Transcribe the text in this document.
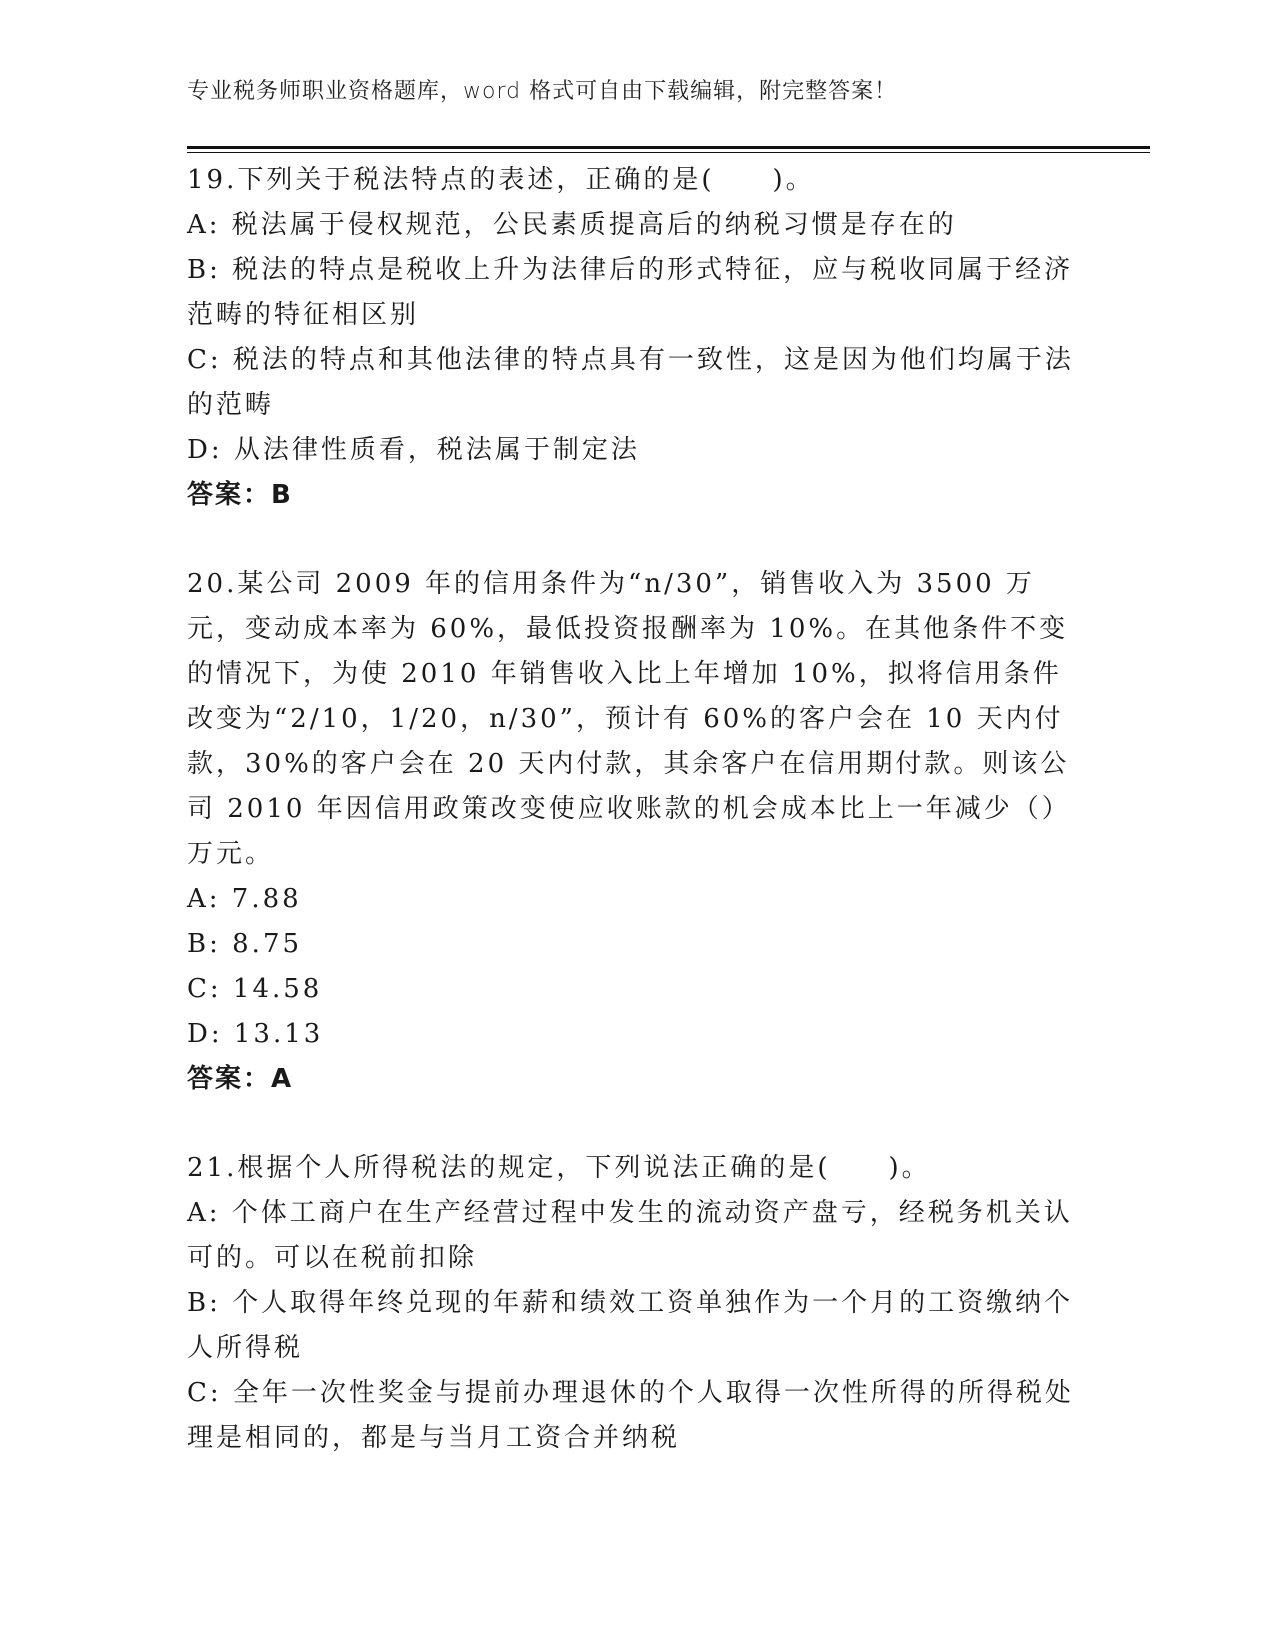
专业税务师职业资格题库，word 格式可自由下载编辑，附完整答案！
19.下列关于税法特点的表述，正确的是(　　)。
A: 税法属于侵权规范，公民素质提高后的纳税习惯是存在的
B: 税法的特点是税收上升为法律后的形式特征，应与税收同属于经济范畴的特征相区别
C: 税法的特点和其他法律的特点具有一致性，这是因为他们均属于法的范畴
D: 从法律性质看，税法属于制定法
答案：B
20.某公司 2009 年的信用条件为“n/30”，销售收入为 3500 万元，变动成本率为 60%，最低投资报酬率为 10%。在其他条件不变的情况下，为使 2010 年销售收入比上年增加 10%，拟将信用条件改变为“2/10，1/20，n/30”，预计有 60%的客户会在 10 天内付款，30%的客户会在 20 天内付款，其余客户在信用期付款。则该公司 2010 年因信用政策改变使应收账款的机会成本比上一年减少（）万元。
A: 7.88
B: 8.75
C: 14.58
D: 13.13
答案：A
21.根据个人所得税法的规定，下列说法正确的是(　　)。
A: 个体工商户在生产经营过程中发生的流动资产盘亏，经税务机关认可的。可以在税前扣除
B: 个人取得年终兑现的年薪和绩效工资单独作为一个月的工资缴纳个人所得税
C: 全年一次性奖金与提前办理退休的个人取得一次性所得的所得税处理是相同的，都是与当月工资合并纳税
